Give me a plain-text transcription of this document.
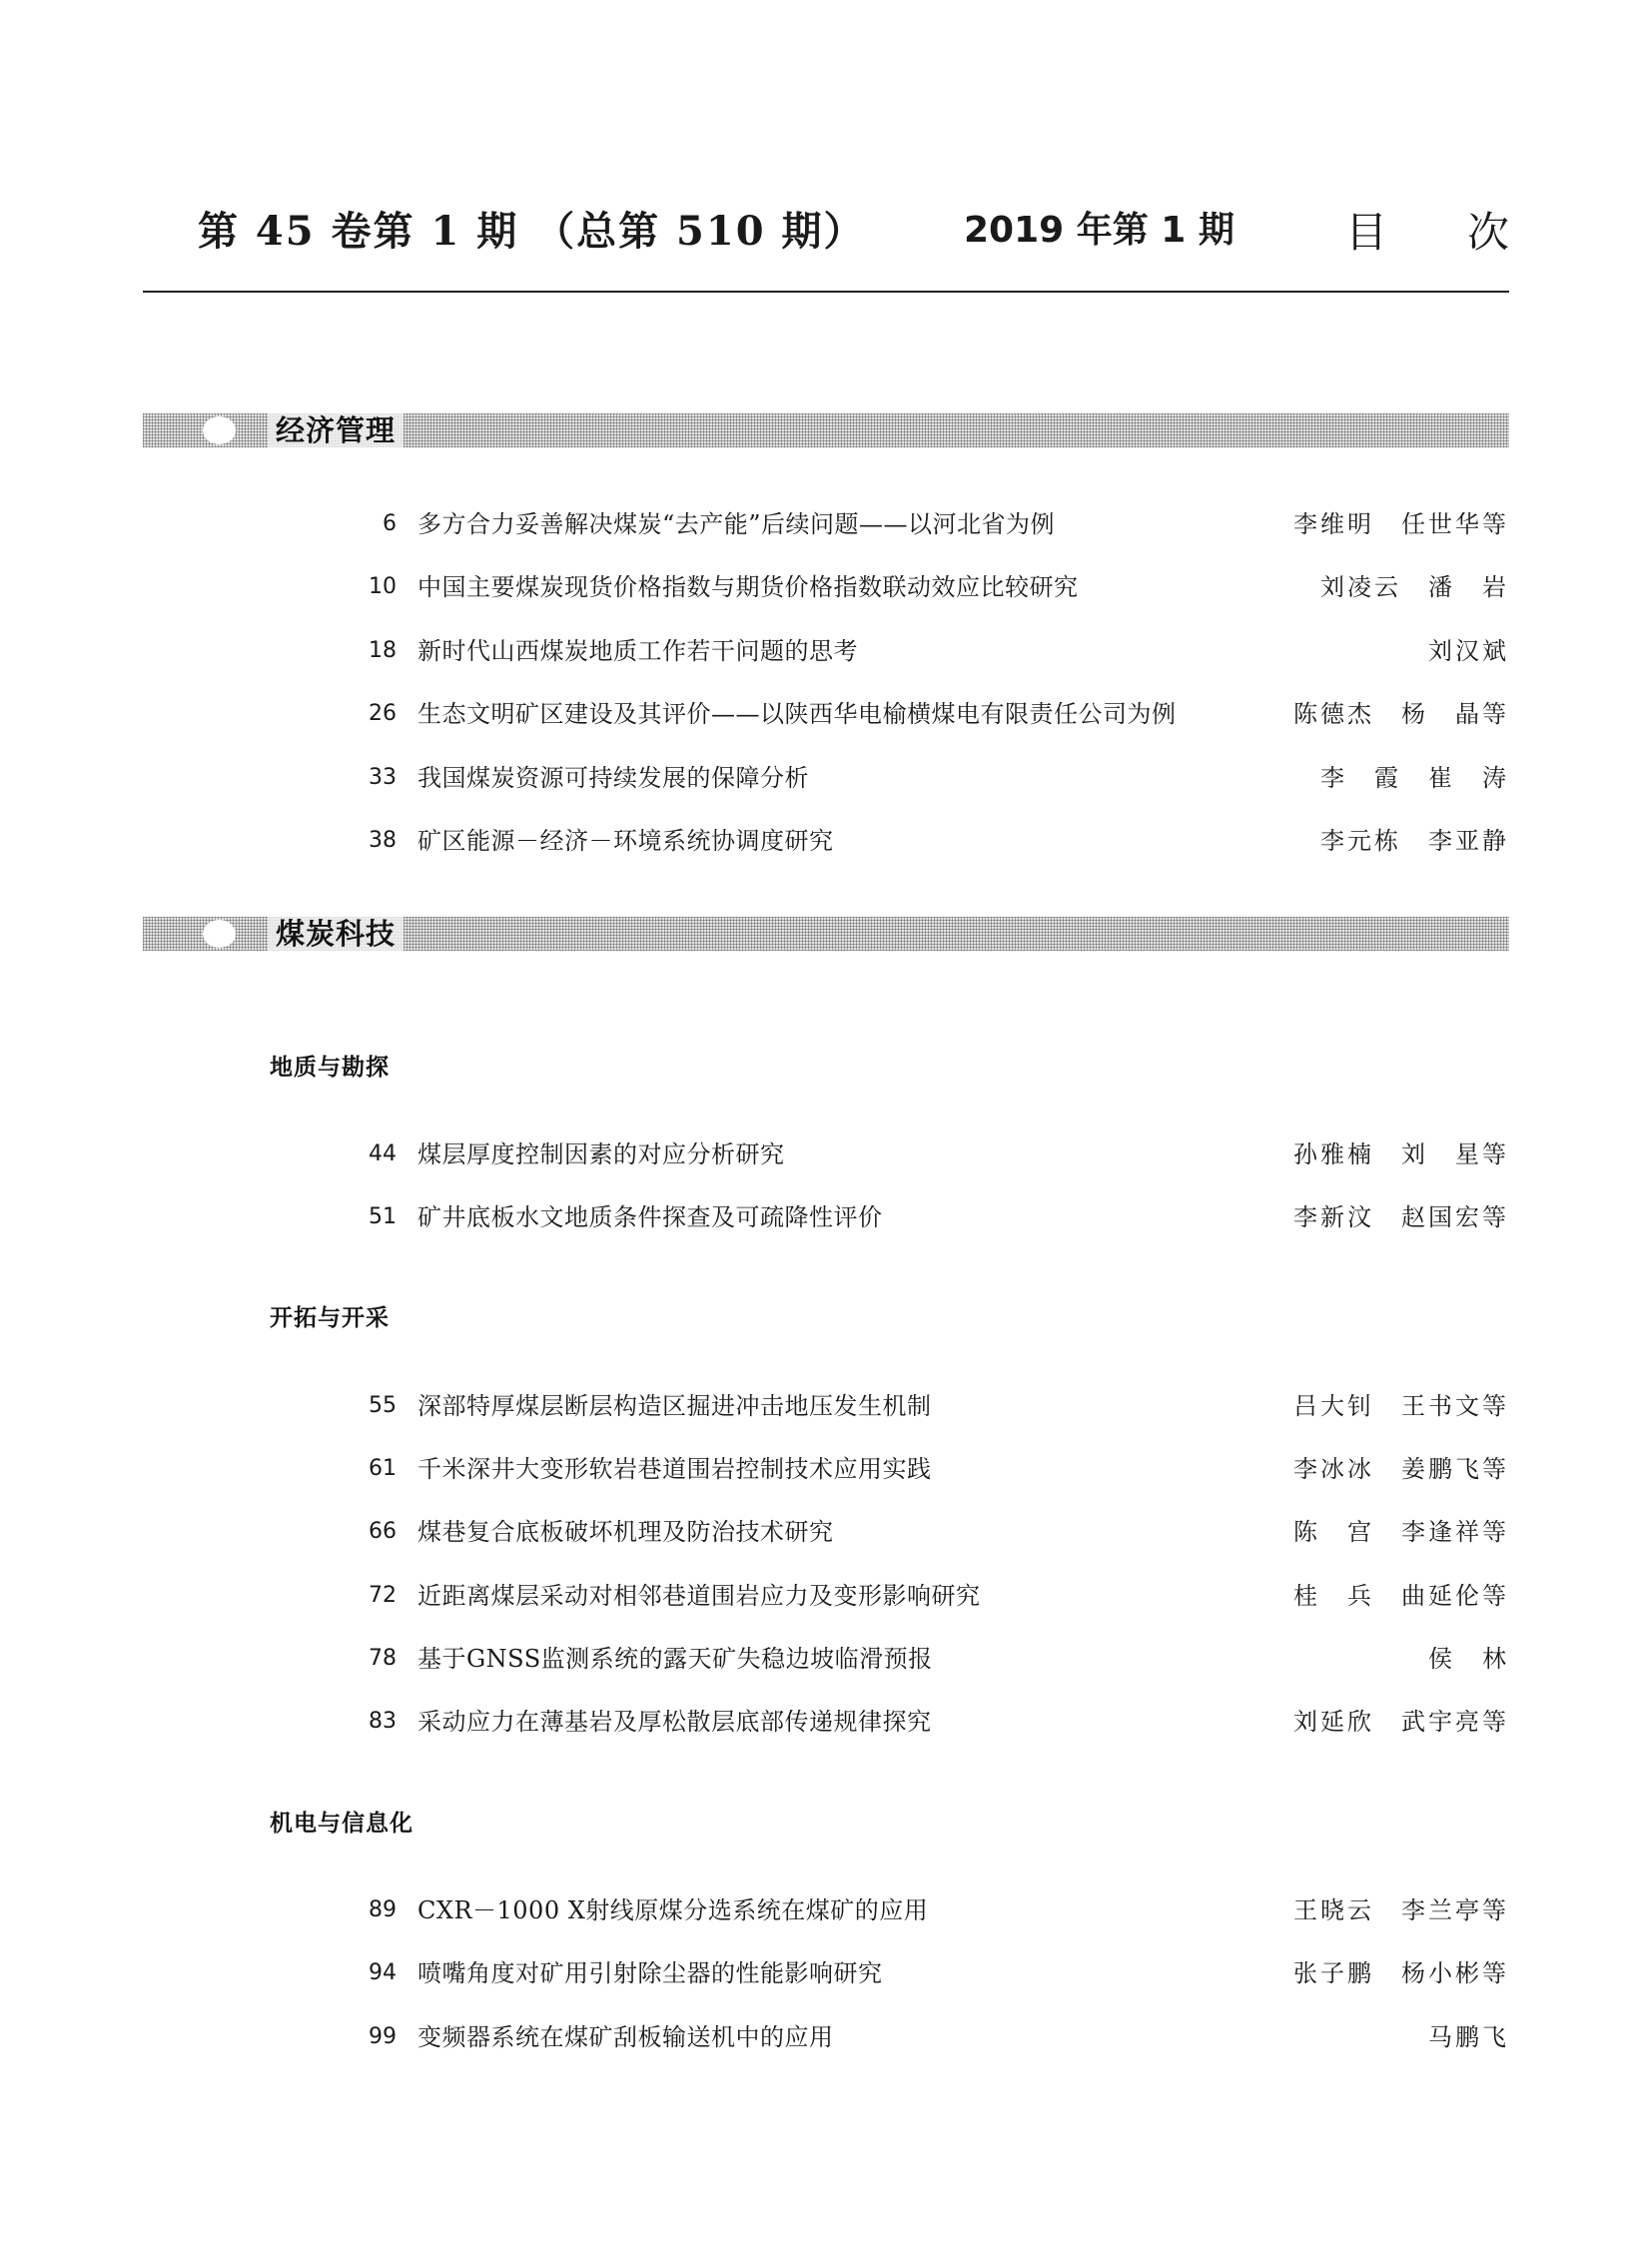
第 45 卷第 1 期 （总第 510 期）	2019 年第 1 期	目次
经济管理
6 多方合力妥善解决煤炭“去产能”后续问题——以河北省为例	李维明　任世华等
10 中国主要煤炭现货价格指数与期货价格指数联动效应比较研究	刘凌云　潘　岩
18 新时代山西煤炭地质工作若干问题的思考	刘汉斌
26 生态文明矿区建设及其评价——以陕西华电榆横煤电有限责任公司为例	陈德杰　杨　晶等
33 我国煤炭资源可持续发展的保障分析	李　霞　崔　涛
38 矿区能源－经济－环境系统协调度研究	李元栋　李亚静
煤炭科技
地质与勘探
44 煤层厚度控制因素的对应分析研究	孙雅楠　刘　星等
51 矿井底板水文地质条件探查及可疏降性评价	李新汶　赵国宏等
开拓与开采
55 深部特厚煤层断层构造区掘进冲击地压发生机制	吕大钊　王书文等
61 千米深井大变形软岩巷道围岩控制技术应用实践	李冰冰　姜鹏飞等
66 煤巷复合底板破坏机理及防治技术研究	陈　宫　李逢祥等
72 近距离煤层采动对相邻巷道围岩应力及变形影响研究	桂　兵　曲延伦等
78 基于GNSS监测系统的露天矿失稳边坡临滑预报	侯　林
83 采动应力在薄基岩及厚松散层底部传递规律探究	刘延欣　武宇亮等
机电与信息化
89 CXR－1000 X射线原煤分选系统在煤矿的应用	王晓云　李兰亭等
94 喷嘴角度对矿用引射除尘器的性能影响研究	张子鹏　杨小彬等
99 变频器系统在煤矿刮板输送机中的应用	马鹏飞
